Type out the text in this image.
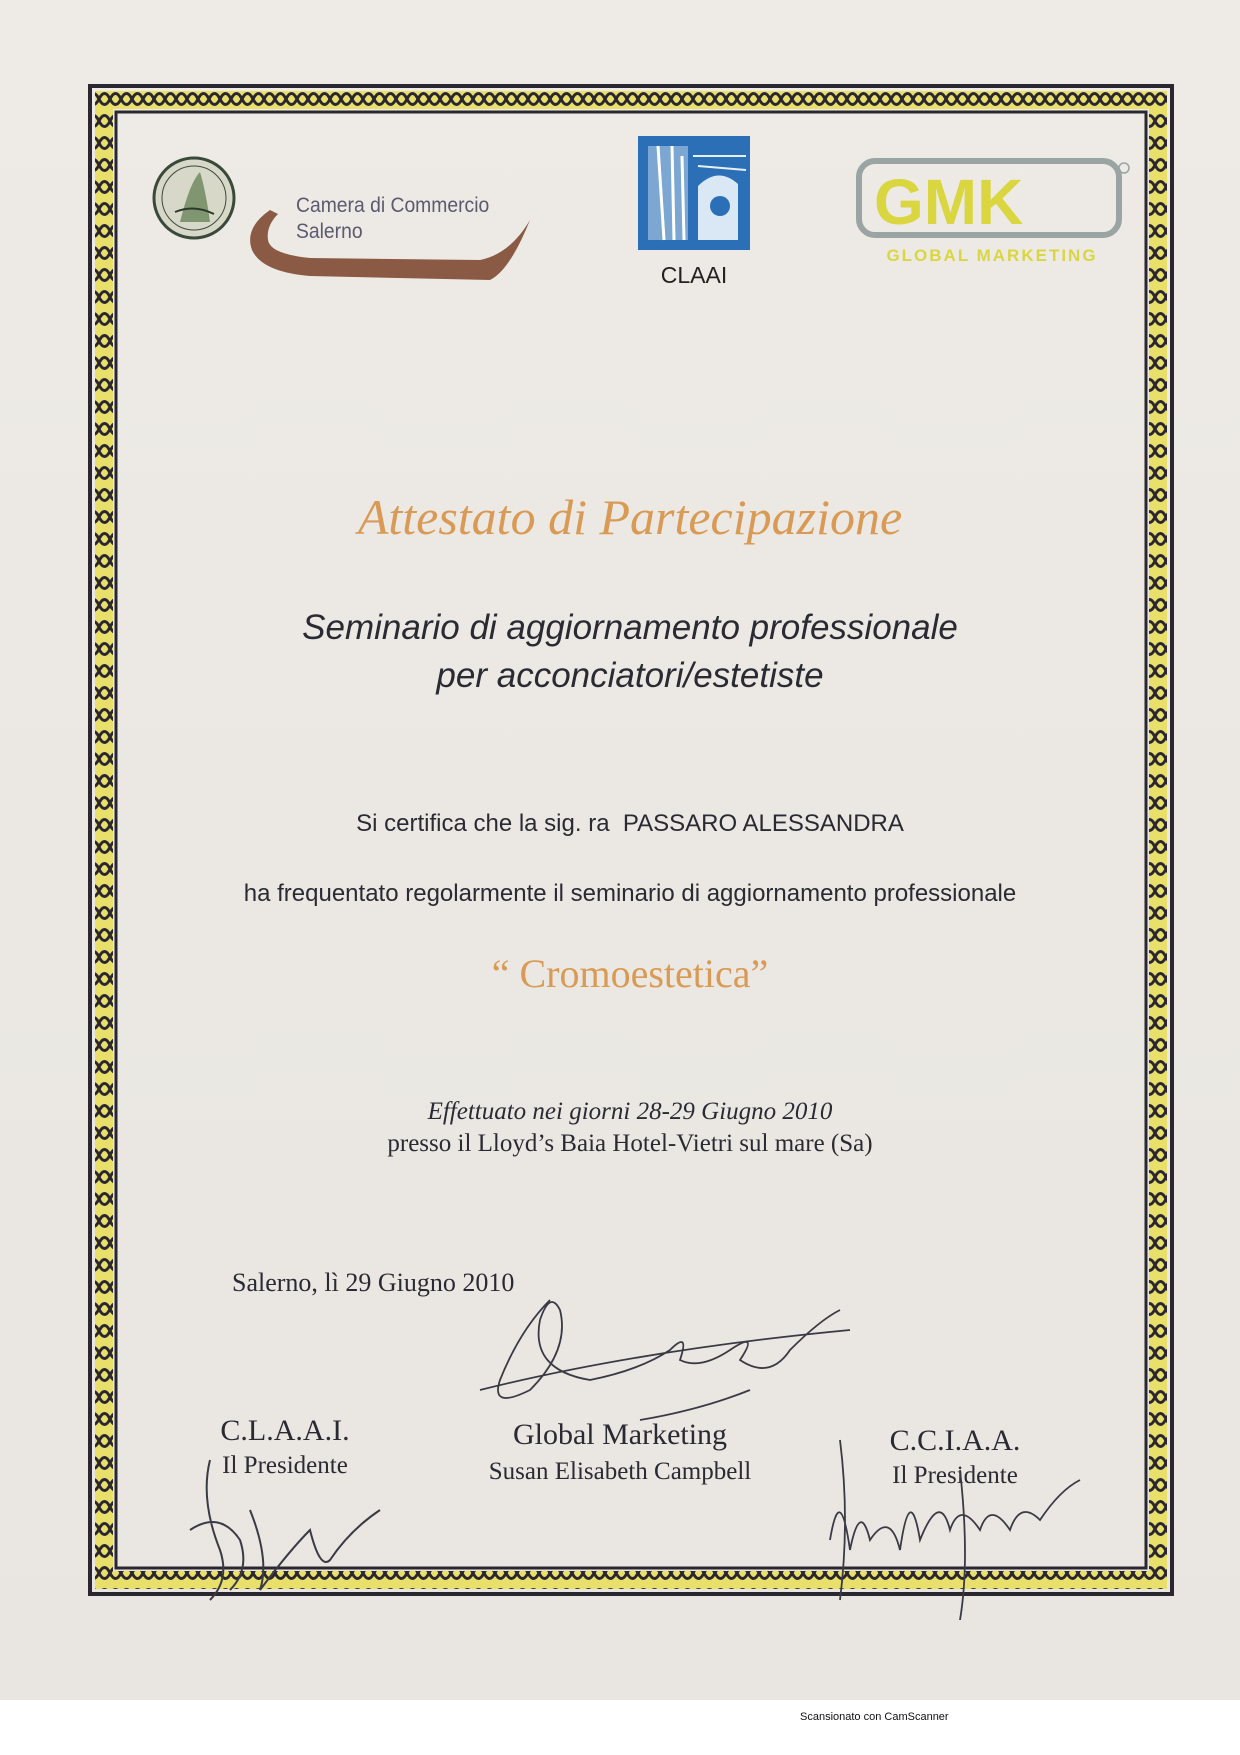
Camera di Commercio
Salerno
CLAAI
GMK
GLOBAL MARKETING
Attestato di Partecipazione
Seminario di aggiornamento professionale
per acconciatori/estetiste
Si certifica che la sig. ra PASSARO ALESSANDRA
ha frequentato regolarmente il seminario di aggiornamento professionale
“ Cromoestetica”
Effettuato nei giorni 28-29 Giugno 2010
presso il Lloyd’s Baia Hotel-Vietri sul mare (Sa)
Salerno, lì 29 Giugno 2010
C.L.A.A.I.
Il Presidente
Global Marketing
Susan Elisabeth Campbell
C.C.I.A.A.
Il Presidente
Scansionato con CamScanner
